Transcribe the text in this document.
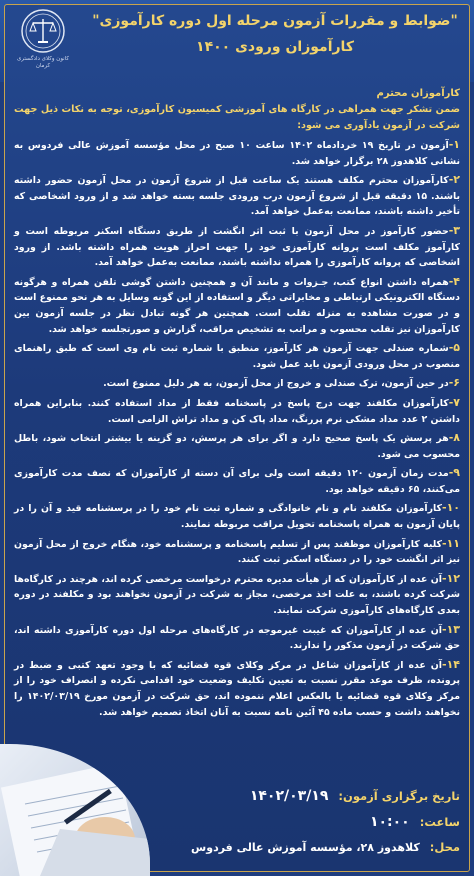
کانون وکلای دادگستری کرمان
"ضوابط و مقررات آزمون مرحله اول دوره کارآموزی"
کارآموزان ورودی ۱۴۰۰
کارآموزان محترم
ضمن تشکر جهت همراهی در کارگاه های آموزشی کمیسیون کارآموزی، توجه به نکات ذیل جهت شرکت در آزمون یادآوری می شود:
۱-آزمون در تاریخ ۱۹ خردادماه ۱۴۰۲ ساعت ۱۰ صبح در محل مؤسسه آموزش عالی فردوس به نشانی کلاهدوز ۲۸ برگزار خواهد شد.
۲-کارآموزان محترم مکلف هستند یک ساعت قبل از شروع آزمون در محل آزمون حضور داشته باشند. ۱۵ دقیقه قبل از شروع آزمون درب ورودی جلسه بسته خواهد شد و از ورود اشخاصی که تأخیر داشته باشند، ممانعت به‌عمل خواهد آمد.
۳-حضور کارآموز در محل آزمون با ثبت اثر انگشت از طریق دستگاه اسکنر مربوطه است و کارآموز مکلف است پروانه کارآموزی خود را جهت احراز هویت همراه داشته باشد. از ورود اشخاصی که پروانه کارآموزی را همراه نداشته باشند، ممانعت به‌عمل خواهد آمد.
۴-همراه داشتن انواع کتب، جـزوات و مانند آن و همچنین داشتن گوشی تلفن همراه و هرگونه دستگاه الکترونیکی ارتباطی و مخابراتی دیگر و استفاده از این گونه وسایل به هر نحو ممنوع است و در صورت مشاهده به منزله تقلب است. همچنین هر گونه تبادل نظر در جلسه آزمون بین کارآموزان نیز تقلب محسوب و مراتب به تشخیص مراقب، گزارش و صورتجلسه خواهد شد.
۵-شماره صندلی جهت آزمون هر کارآموز، منطبق با شماره ثبت نام وی است که طبق راهنمای منصوب در محل ورودی آزمون باید عمل شود.
۶-در حین آزمون، ترک صندلی و خروج از محل آزمون، به هر دلیل ممنوع است.
۷-کارآموزان مکلفند جهت درج پاسخ در پاسخنامه فقط از مداد استفاده کنند. بنابراین همراه داشتن ۲ عدد مداد مشکی نرم پررنگ، مداد پاک کن و مداد تراش الزامی است.
۸-هر پرسش یک پاسخ صحیح دارد و اگر برای هر پرسش، دو گزینه یا بیشتر انتخاب شود، باطل محسوب می شود.
۹-مدت زمان آزمون ۱۲۰ دقیقه است ولی برای آن دسته از کارآموزان که نصف مدت کارآموزی می‌کنند، ۶۵ دقیقه خواهد بود.
۱۰-کارآموزان مکلفند نام و نام خانوادگی و شماره ثبت نام خود را در پرسشنامه قید و آن را در پایان آزمون به همراه پاسخنامه تحویل مراقب مربوطه نمایند.
۱۱-کلیه کارآموزان موظفند پس از تسلیم پاسخنامه و پرسشنامه خود، هنگام خروج از محل آزمون نیز اثر انگشت خود را در دستگاه اسکنر ثبت کنند.
۱۲-آن عده از کارآموزان که از هیأت مدیره محترم درخواست مرخصی کرده اند، هرچند در کارگاه‌ها شرکت کرده باشند، به علت اخذ مرخصی، مجاز به شرکت در آزمون نخواهند بود و مکلفند در دوره بعدی کارگاه‌های کارآموزی شرکت نمایند.
۱۳-آن عده از کارآموزان که غیبت غیرموجه در کارگاه‌های مرحله اول دوره کارآموزی داشته اند، حق شرکت در آزمون مذکور را ندارند.
۱۴-آن عده از کارآموزان شاغل در مرکز وکلای قوه قضائیه که با وجود تعهد کتبی و ضبط در پرونده، ظرف موعد مقرر نسبت به تعیین تکلیف وضعیت خود اقدامی نکرده و انصراف خود را از مرکز وکلای قوه قضائیه یا بالعکس اعلام ننموده اند، حق شرکت در آزمون مورخ ۱۴۰۲/۰۳/۱۹ را نخواهند داشت و حسب ماده ۴۵ آئین نامه نسبت به آنان اتخاذ تصمیم خواهد شد.
تاریخ برگزاری آزمون:
۱۴۰۲/۰۳/۱۹
ساعت:
۱۰:۰۰
محل:
کلاهدوز ۲۸، مؤسسه آموزش عالی فردوس
